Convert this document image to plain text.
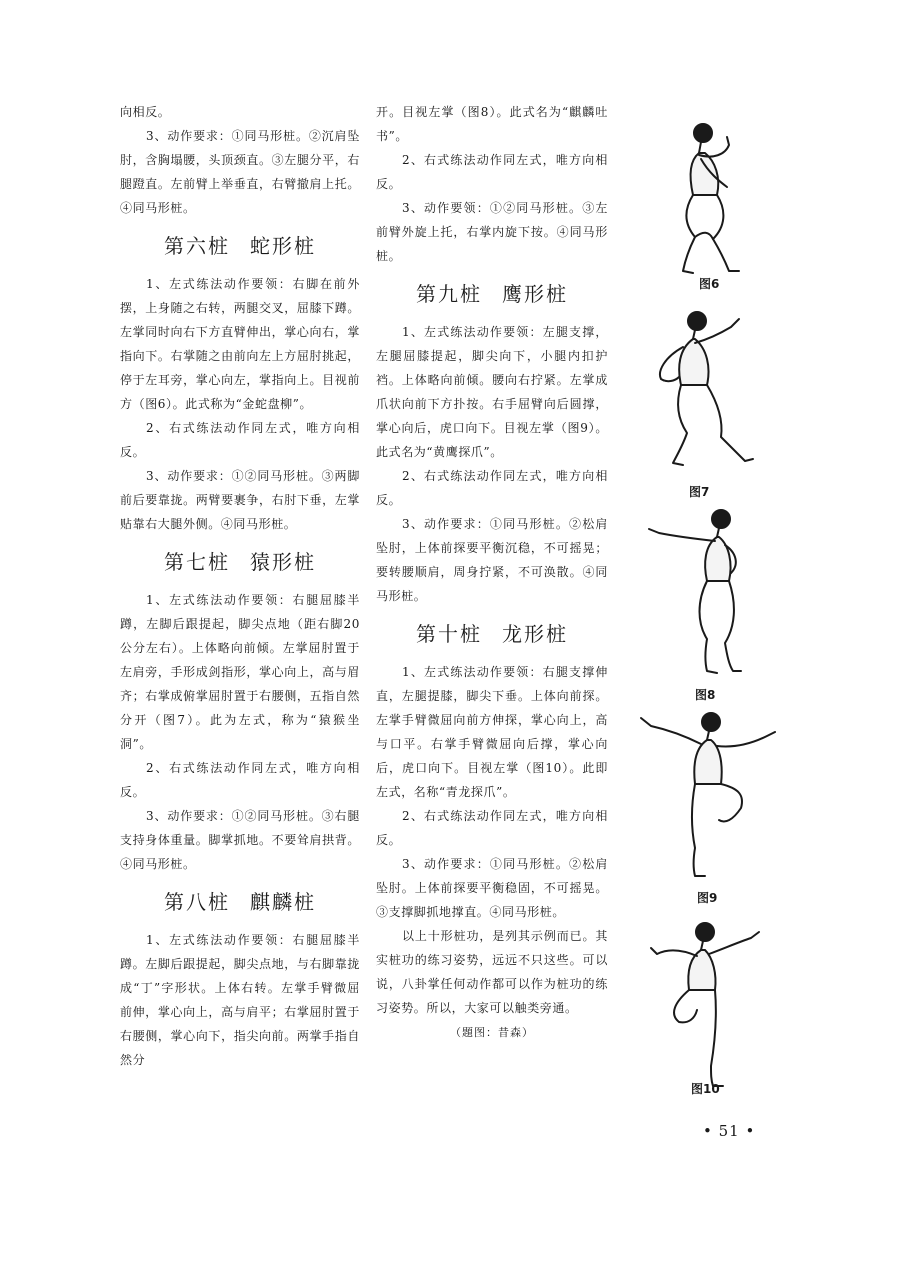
向相反。

3、动作要求：①同马形桩。②沉肩坠肘，含胸塌腰，头顶颈直。③左腿分平，右腿蹬直。左前臂上举垂直，右臂撤肩上托。④同马形桩。

第六桩 蛇形桩

1、左式练法动作要领：右脚在前外摆，上身随之右转，两腿交叉，屈膝下蹲。左掌同时向右下方直臂伸出，掌心向右，掌指向下。右掌随之由前向左上方屈肘挑起，停于左耳旁，掌心向左，掌指向上。目视前方（图6）。此式称为“金蛇盘柳”。

2、右式练法动作同左式，唯方向相反。

3、动作要求：①②同马形桩。③两脚前后要靠拢。两臂要裹争，右肘下垂，左掌贴靠右大腿外侧。④同马形桩。

第七桩 猿形桩

1、左式练法动作要领：右腿屈膝半蹲，左脚后跟提起，脚尖点地（距右脚20公分左右）。上体略向前倾。左掌屈肘置于左肩旁，手形成剑指形，掌心向上，高与眉齐；右掌成俯掌屈肘置于右腰侧，五指自然分开（图7）。此为左式，称为“猿猴坐洞”。

2、右式练法动作同左式，唯方向相反。

3、动作要求：①②同马形桩。③右腿支持身体重量。脚掌抓地。不要耸肩拱背。④同马形桩。

第八桩 麒麟桩

1、左式练法动作要领：右腿屈膝半蹲。左脚后跟提起，脚尖点地，与右脚靠拢成“丁”字形状。上体右转。左掌手臂微屈前伸，掌心向上，高与肩平；右掌屈肘置于右腰侧，掌心向下，指尖向前。两掌手指自然分

开。目视左掌（图8）。此式名为“麒麟吐书”。

2、右式练法动作同左式，唯方向相反。

3、动作要领：①②同马形桩。③左前臂外旋上托，右掌内旋下按。④同马形桩。

第九桩 鹰形桩

1、左式练法动作要领：左腿支撑，左腿屈膝提起，脚尖向下，小腿内扣护裆。上体略向前倾。腰向右拧紧。左掌成爪状向前下方扑按。右手屈臂向后圆撑，掌心向后，虎口向下。目视左掌（图9）。此式名为“黄鹰探爪”。

2、右式练法动作同左式，唯方向相反。

3、动作要求：①同马形桩。②松肩坠肘，上体前探要平衡沉稳，不可摇晃；要转腰顺肩，周身拧紧，不可涣散。④同马形桩。

第十桩 龙形桩

1、左式练法动作要领：右腿支撑伸直，左腿提膝，脚尖下垂。上体向前探。左掌手臂微屈向前方伸探，掌心向上，高与口平。右掌手臂微屈向后撑，掌心向后，虎口向下。目视左掌（图10）。此即左式，名称“青龙探爪”。

2、右式练法动作同左式，唯方向相反。

3、动作要求：①同马形桩。②松肩坠肘。上体前探要平衡稳固，不可摇晃。③支撑脚抓地撑直。④同马形桩。

以上十形桩功，是列其示例而已。其实桩功的练习姿势，远远不只这些。可以说，八卦掌任何动作都可以作为桩功的练习姿势。所以，大家可以触类旁通。

（題图：昔森）
图6
图7
图8
图9
图10
• 51 •
